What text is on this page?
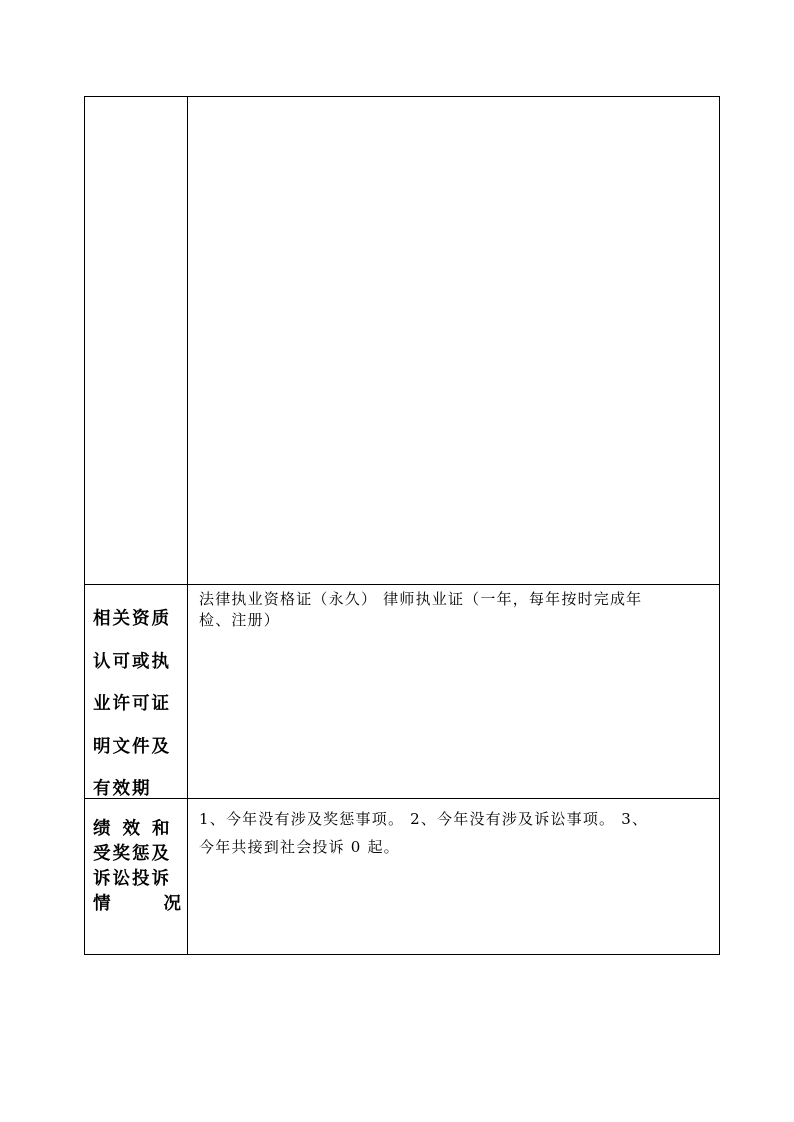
相关资质
认可或执
业许可证
明文件及
有效期
法律执业资格证（永久） 律师执业证（一年，每年按时完成年
检、注册）
绩效和
受奖惩及
诉讼投诉
情	况
1、今年没有涉及奖惩事项。 2、今年没有涉及诉讼事项。 3、
今年共接到社会投诉 0 起。
